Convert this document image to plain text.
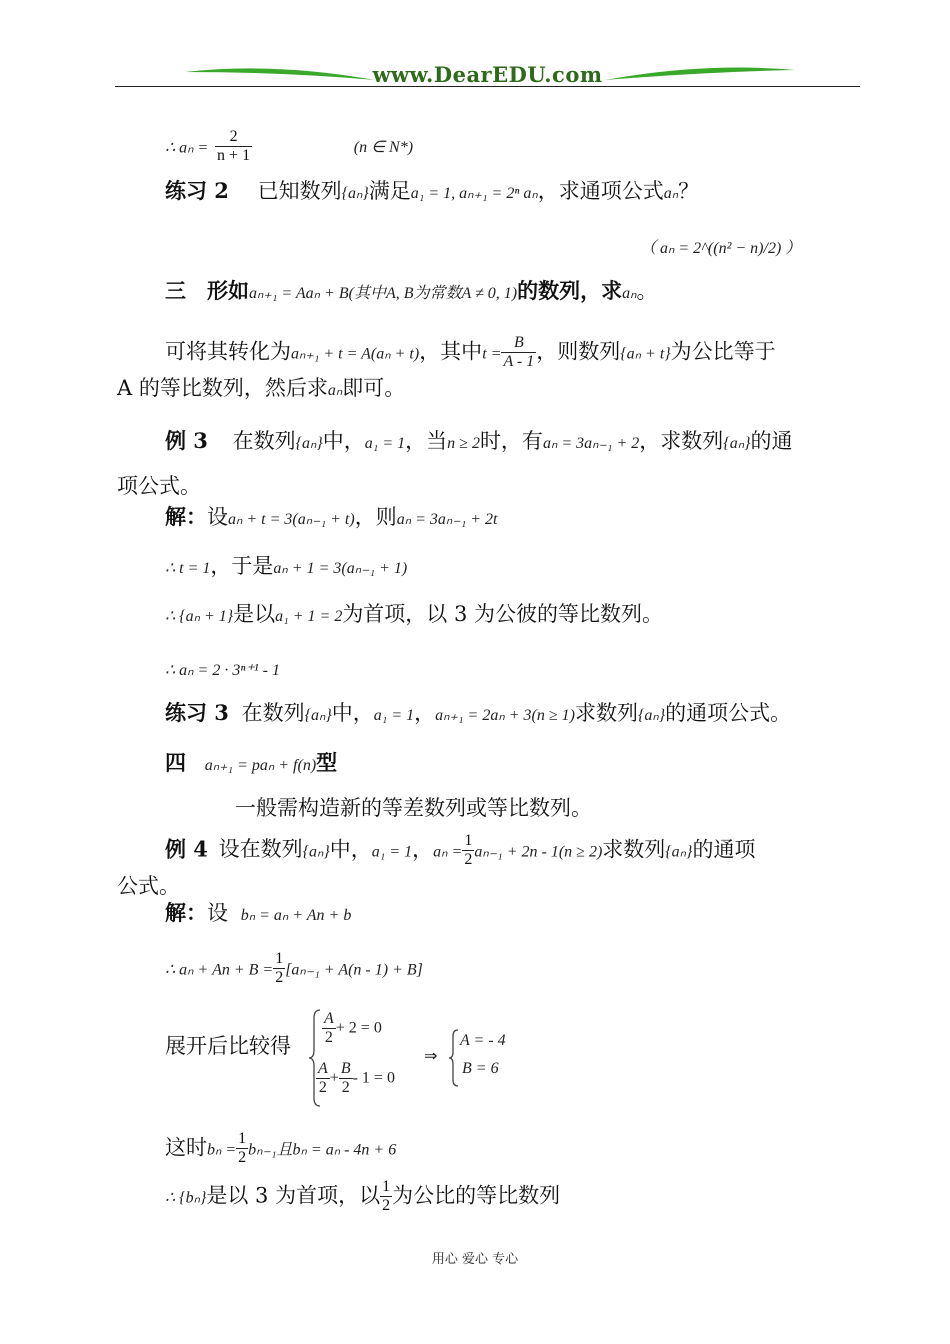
www.DearEDU.com
∴ $a_n = \frac{2}{n + 1}$	(n ∈ N*)
练习 2 已知数列{aₙ}满足a₁ = 1, aₙ₊₁ = 2ⁿ aₙ，求通项公式aₙ？
（ aₙ = 2^((n² − n)/2) ）
三　形如aₙ₊₁ = Aaₙ + B(其中A, B为常数A ≠ 0, 1)的数列，求aₙ。
可将其转化为aₙ₊₁ + t = A(aₙ + t)，其中$t = \frac{B}{A - 1}$ ，则数列{aₙ + t}为公比等于
A 的等比数列，然后求aₙ即可。
例 3 在数列{aₙ}中，a₁ = 1，当n ≥ 2时，有aₙ = 3aₙ₋₁ + 2，求数列{aₙ}的通
项公式。
解：设aₙ + t = 3(aₙ₋₁ + t)，则aₙ = 3aₙ₋₁ + 2t
∴ t = 1，于是aₙ + 1 = 3(aₙ₋₁ + 1)
∴ {aₙ + 1}是以a₁ + 1 = 2为首项，以 3 为公彼的等比数列。
∴ aₙ = 2 · 3ⁿ⁺¹ - 1
练习 3 在数列{aₙ}中，a₁ = 1，aₙ₊₁ = 2aₙ + 3(n ≥ 1)求数列{aₙ}的通项公式。
四 aₙ₊₁ = paₙ + f(n)型
一般需构造新的等差数列或等比数列。
例 4 设在数列{aₙ}中，a₁ = 1，$a_n = \frac{1}{2} a_{n-1} + 2n - 1(n \ge 2)$求数列{aₙ}的通项
公式。
解：设 bₙ = aₙ + An + b
∴ $a_n + An + B = \frac{1}{2} [a_{n-1} + A(n - 1) + B]$
展开后比较得 $\frac{A}{2} + 2 = 0$
$\frac{A}{2} + \frac{B}{2} - 1 = 0$
⇒
A = - 4
B = 6
这时$b_n = \frac{1}{2} b_{n-1}$且bₙ = aₙ - 4n + 6
∴ {bₙ}是以 3 为首项，以 $\frac{1}{2}$ 为公比的等比数列
用心 爱心 专心
